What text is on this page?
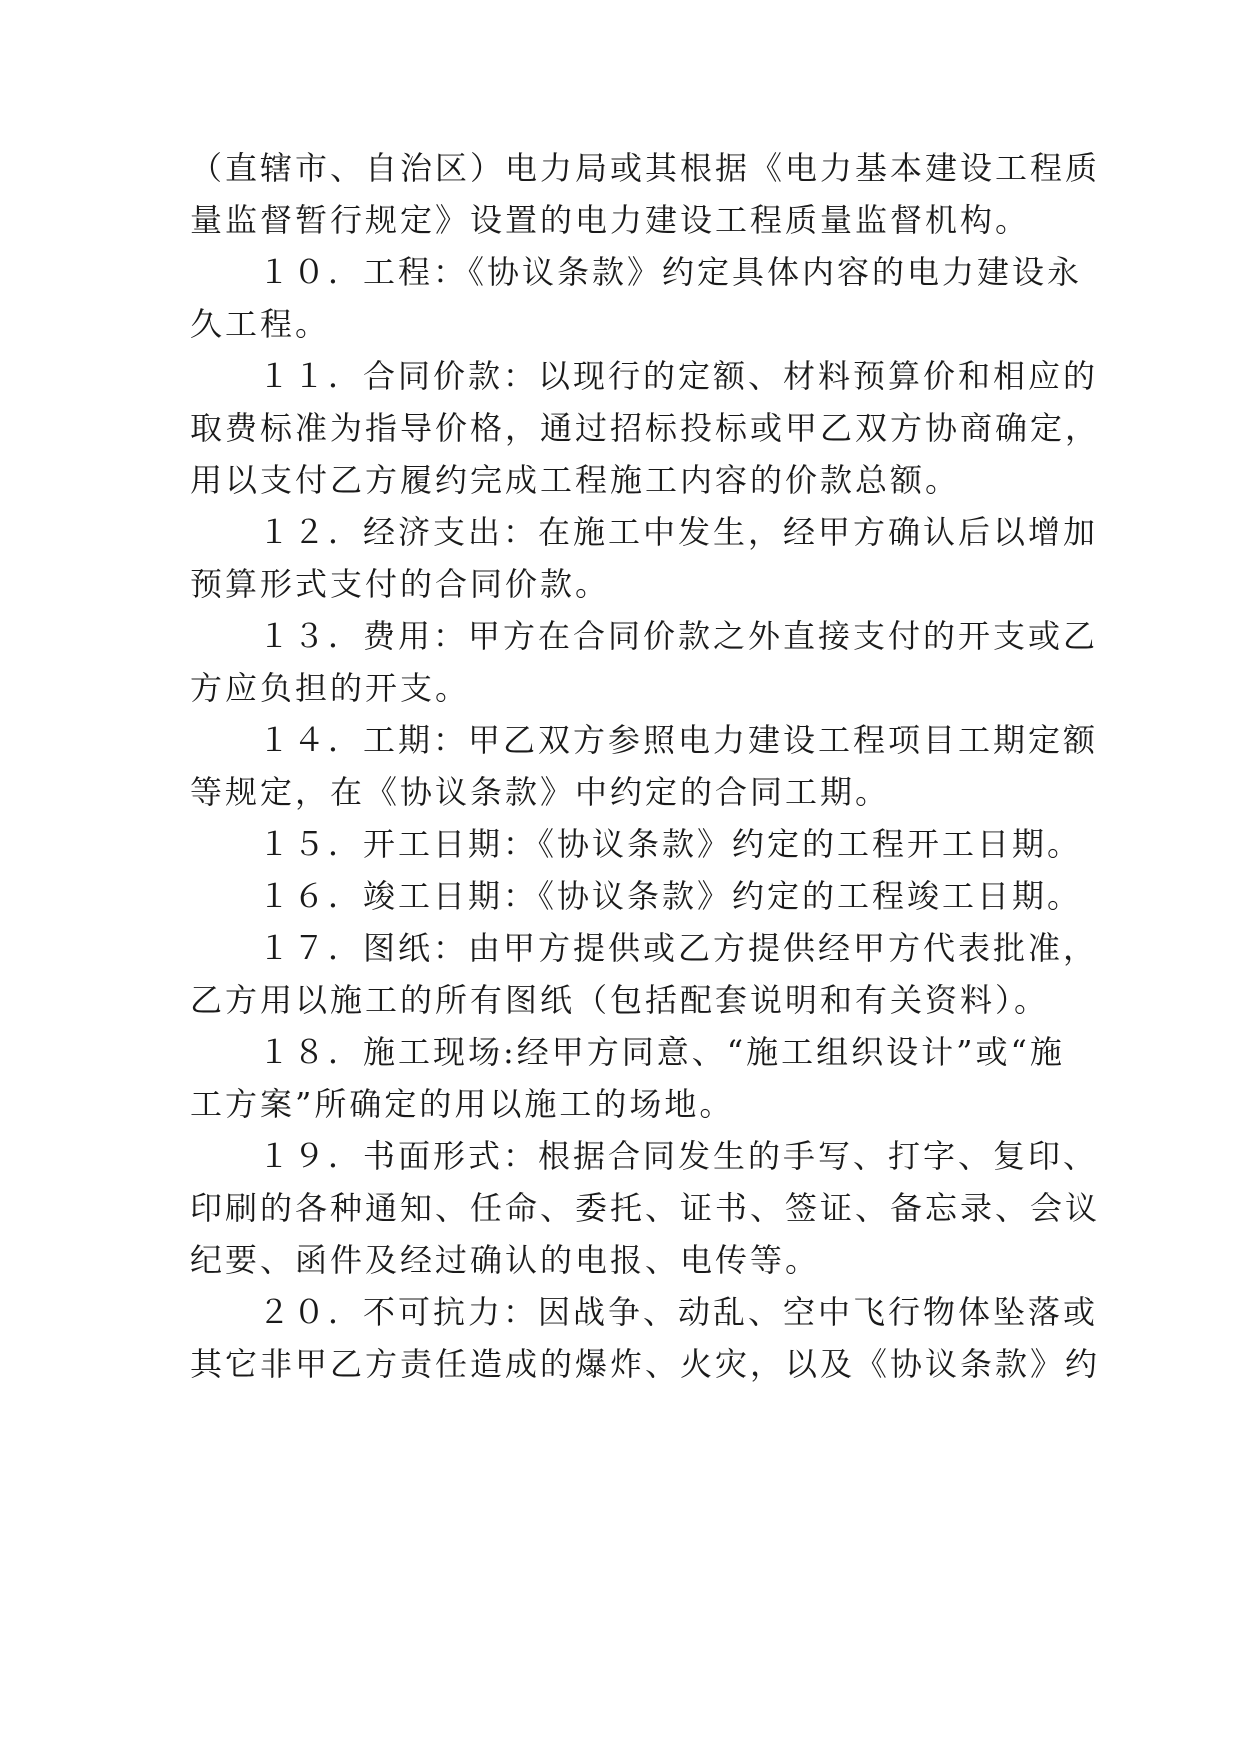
（直辖市、自治区）电力局或其根据《电力基本建设工程质

量监督暂行规定》设置的电力建设工程质量监督机构。

１０．工程：《协议条款》约定具体内容的电力建设永

久工程。

１１．合同价款：以现行的定额、材料预算价和相应的

取费标准为指导价格，通过招标投标或甲乙双方协商确定，

用以支付乙方履约完成工程施工内容的价款总额。

１２．经济支出：在施工中发生，经甲方确认后以增加

预算形式支付的合同价款。

１３．费用：甲方在合同价款之外直接支付的开支或乙

方应负担的开支。

１４．工期：甲乙双方参照电力建设工程项目工期定额

等规定，在《协议条款》中约定的合同工期。

１５．开工日期：《协议条款》约定的工程开工日期。

１６．竣工日期：《协议条款》约定的工程竣工日期。

１７．图纸：由甲方提供或乙方提供经甲方代表批准，

乙方用以施工的所有图纸（包括配套说明和有关资料）。

１８．施工现场:经甲方同意、“施工组织设计”或“施

工方案”所确定的用以施工的场地。

１９．书面形式：根据合同发生的手写、打字、复印、

印刷的各种通知、任命、委托、证书、签证、备忘录、会议

纪要、函件及经过确认的电报、电传等。

２０．不可抗力：因战争、动乱、空中飞行物体坠落或

其它非甲乙方责任造成的爆炸、火灾，以及《协议条款》约
